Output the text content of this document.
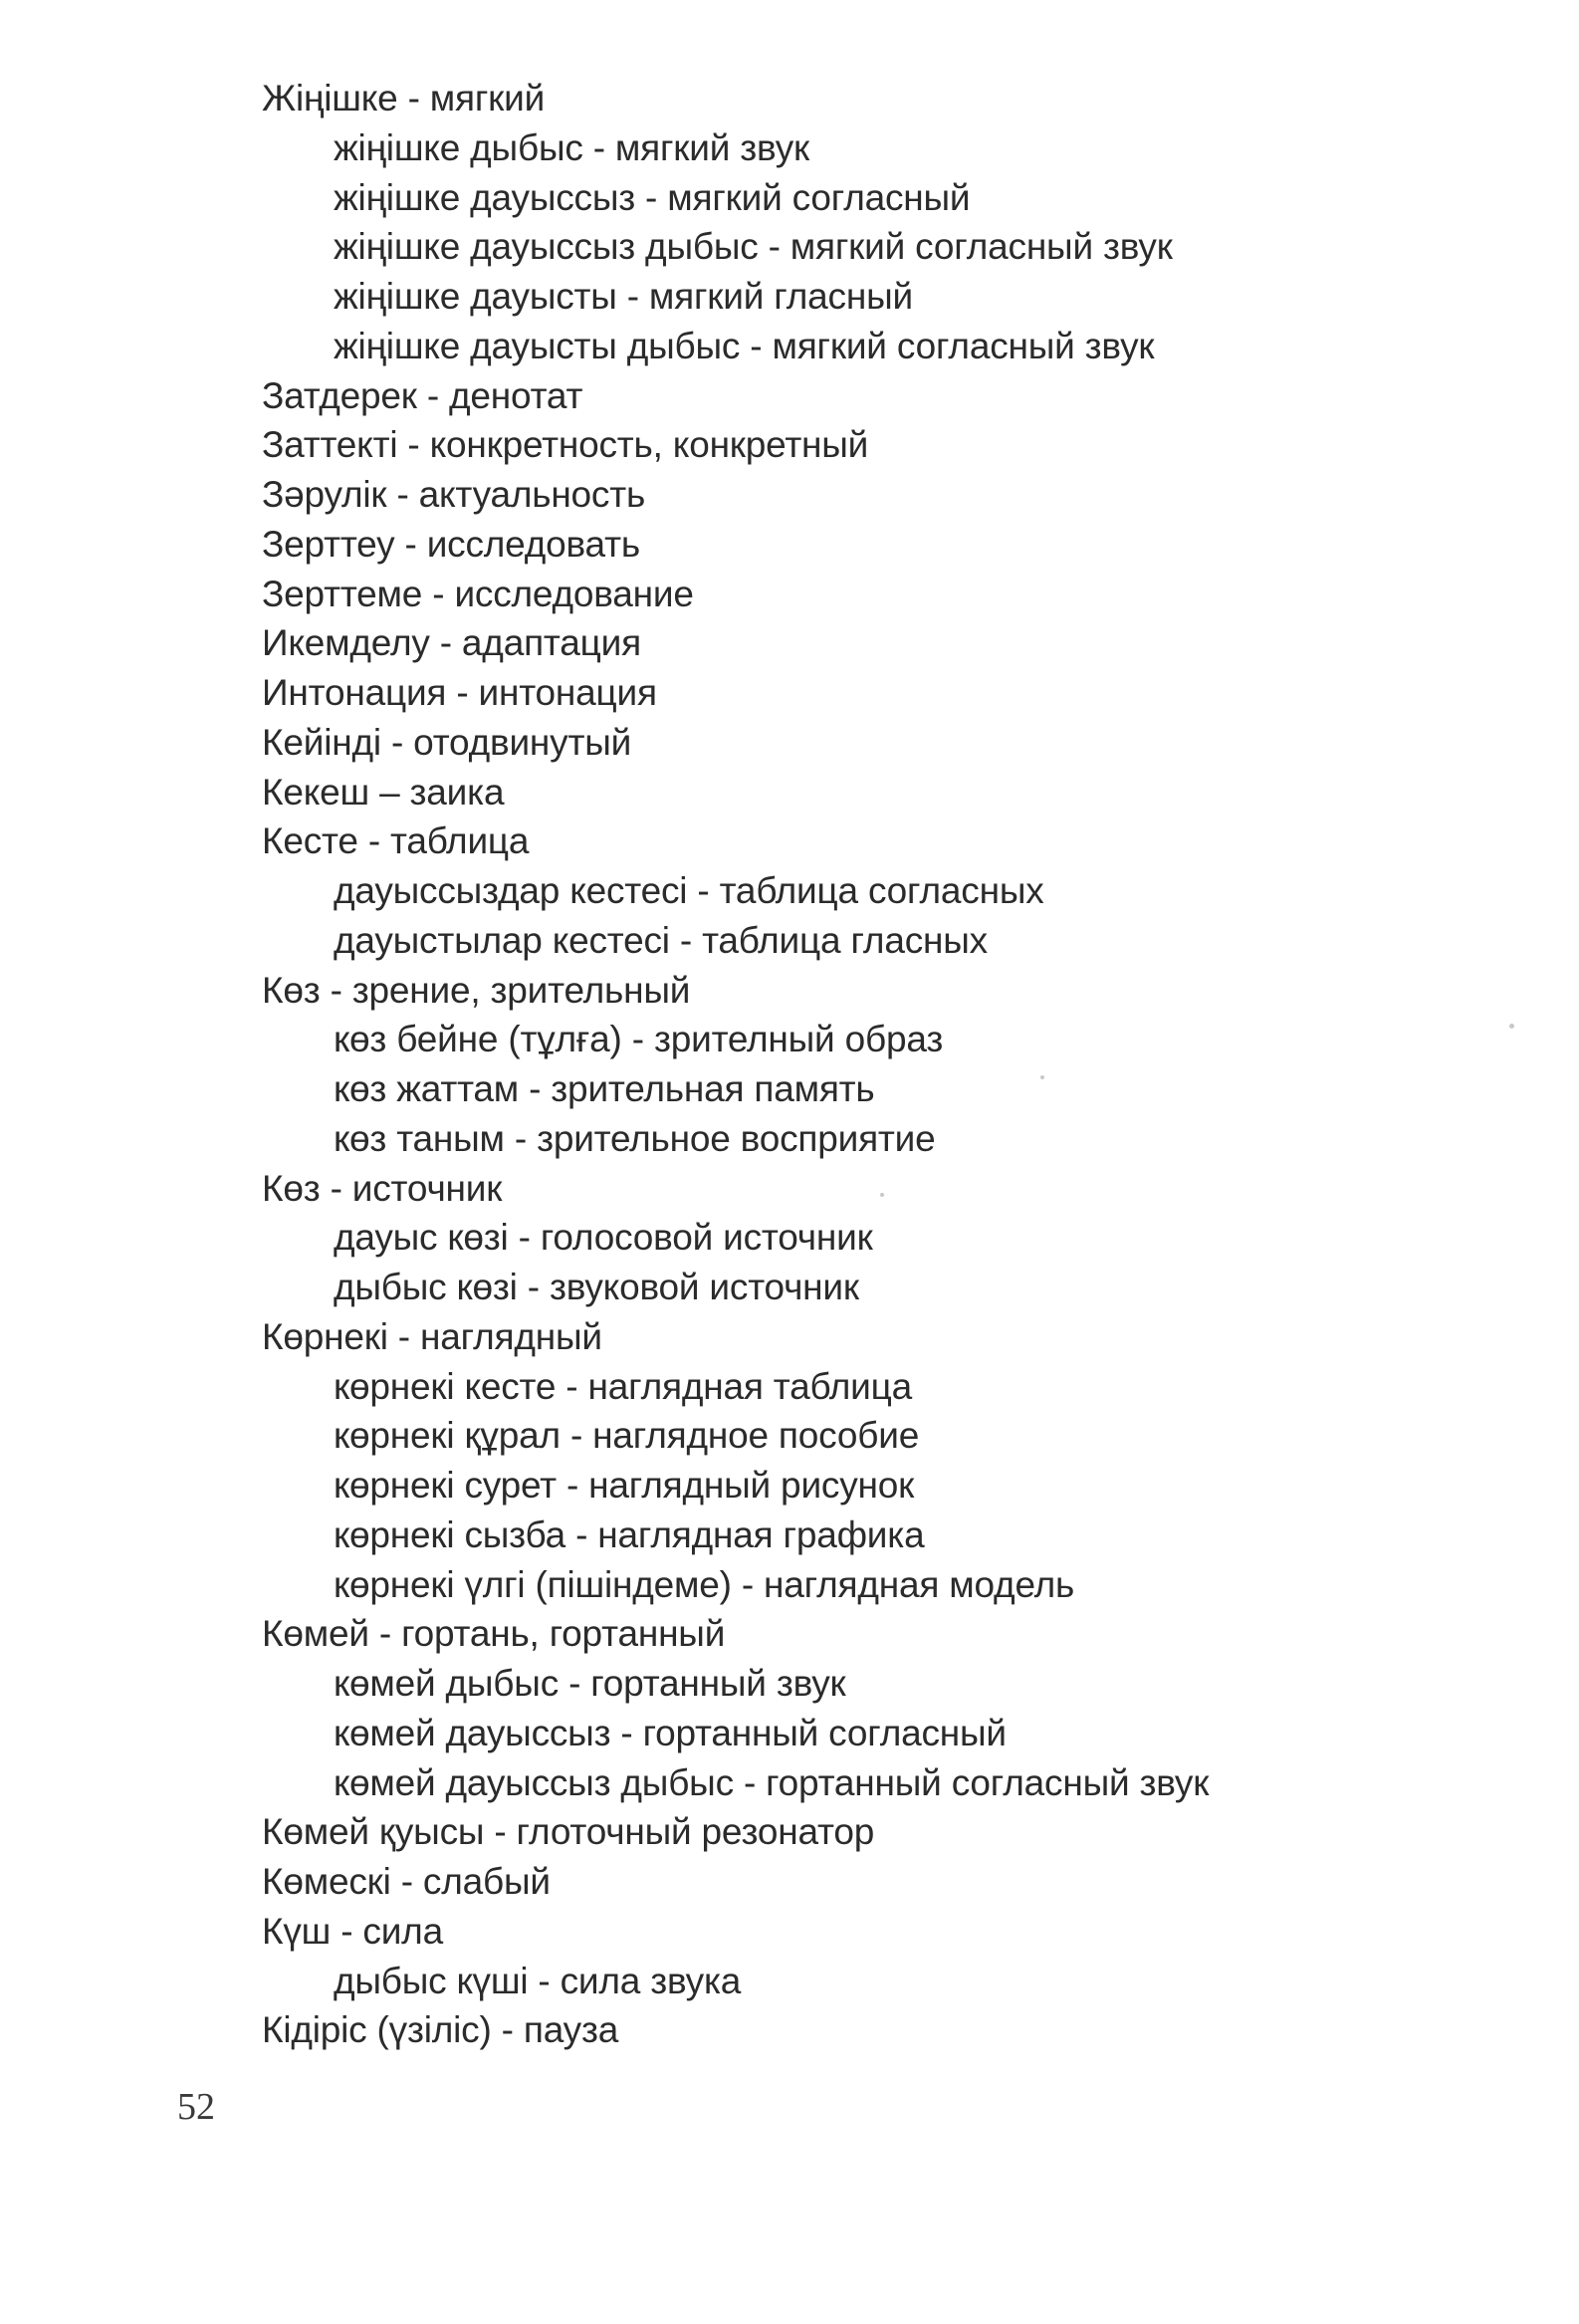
Жіңішке - мягкий
жіңішке дыбыс - мягкий звук
жіңішке дауыссыз - мягкий согласный
жіңішке дауыссыз дыбыс - мягкий согласный звук
жіңішке дауысты - мягкий гласный
жіңішке дауысты дыбыс - мягкий согласный звук
Затдерек - денотат
Заттекті - конкретность, конкретный
Зәрулік - актуальность
Зерттеу - исследовать
Зерттеме - исследование
Икемделу - адаптация
Интонация - интонация
Кейінді - отодвинутый
Кекеш – заика
Кесте - таблица
дауыссыздар кестесі - таблица согласных
дауыстылар кестесі - таблица гласных
Көз - зрение, зрительный
көз бейне (тұлға) - зрителный образ
көз жаттам - зрительная память
көз таным - зрительное восприятие
Көз - источник
дауыс көзі - голосовой источник
дыбыс көзі - звуковой источник
Көрнекі - наглядный
көрнекі кесте - наглядная таблица
көрнекі құрал - наглядное пособие
көрнекі сурет - наглядный рисунок
көрнекі сызба - наглядная графика
көрнекі үлгі (пішіндеме) - наглядная модель
Көмей - гортань, гортанный
көмей дыбыс - гортанный звук
көмей дауыссыз - гортанный согласный
көмей дауыссыз дыбыс - гортанный согласный звук
Көмей қуысы - глоточный резонатор
Көмескі - слабый
Күш - сила
дыбыс күші - сила звука
Кідіріс (үзіліс) - пауза
52
